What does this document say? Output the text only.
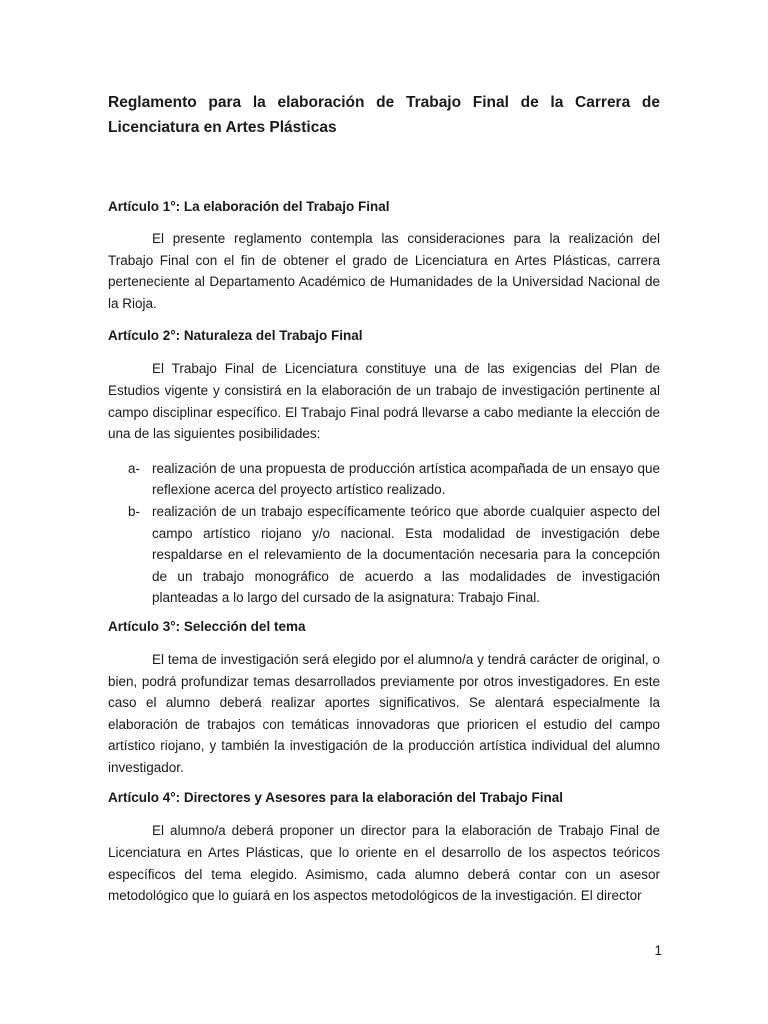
Reglamento para la elaboración de Trabajo Final de la Carrera de Licenciatura en Artes Plásticas

Artículo 1°: La elaboración del Trabajo Final

El presente reglamento contempla las consideraciones para la realización del Trabajo Final con el fin de obtener el grado de Licenciatura en Artes Plásticas, carrera perteneciente al Departamento Académico de Humanidades de la Universidad Nacional de la Rioja.

Artículo 2°: Naturaleza del Trabajo Final

El Trabajo Final de Licenciatura constituye una de las exigencias del Plan de Estudios vigente y consistirá en la elaboración de un trabajo de investigación pertinente al campo disciplinar específico. El Trabajo Final podrá llevarse a cabo mediante la elección de una de las siguientes posibilidades:

a- realización de una propuesta de producción artística acompañada de un ensayo que reflexione acerca del proyecto artístico realizado.
b- realización de un trabajo específicamente teórico que aborde cualquier aspecto del campo artístico riojano y/o nacional. Esta modalidad de investigación debe respaldarse en el relevamiento de la documentación necesaria para la concepción de un trabajo monográfico de acuerdo a las modalidades de investigación planteadas a lo largo del cursado de la asignatura: Trabajo Final.

Artículo 3°: Selección del tema

El tema de investigación será elegido por el alumno/a y tendrá carácter de original, o bien, podrá profundizar temas desarrollados previamente por otros investigadores. En este caso el alumno deberá realizar aportes significativos. Se alentará especialmente la elaboración de trabajos con temáticas innovadoras que prioricen el estudio del campo artístico riojano, y también la investigación de la producción artística individual del alumno investigador.

Artículo 4°: Directores y Asesores para la elaboración del Trabajo Final

El alumno/a deberá proponer un director para la elaboración de Trabajo Final de Licenciatura en Artes Plásticas, que lo oriente en el desarrollo de los aspectos teóricos específicos del tema elegido. Asimismo, cada alumno deberá contar con un asesor metodológico que lo guiará en los aspectos metodológicos de la investigación. El director

1
